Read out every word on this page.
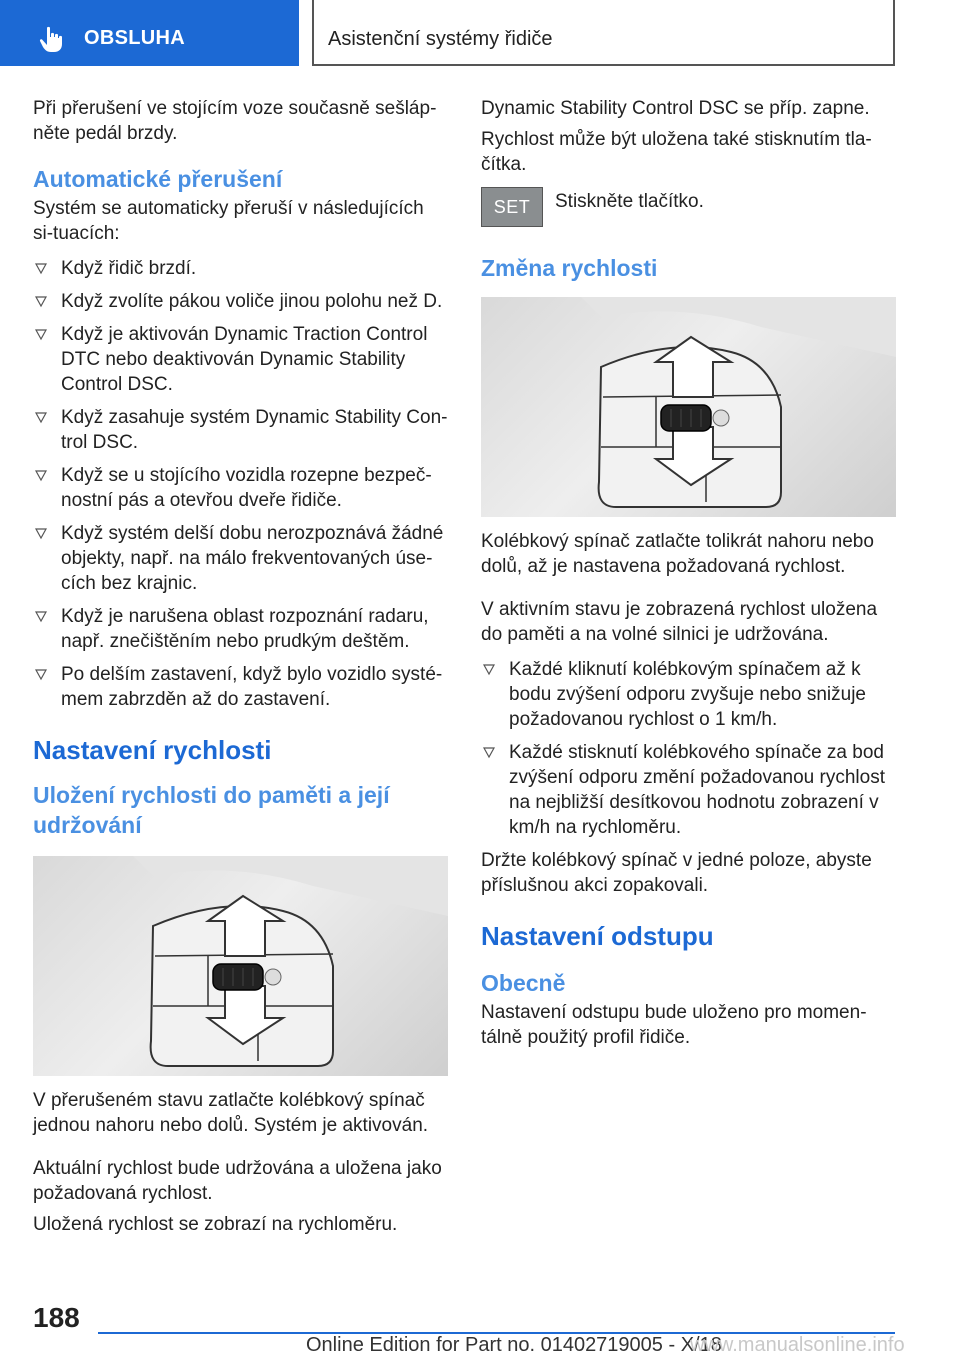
OBSLUHA	Asistenční systémy řidiče

Při přerušení ve stojícím voze současně sešláp-něte pedál brzdy.

Automatické přerušení

Systém se automaticky přeruší v následujících si-tuacích:

Když řidič brzdí.
Když zvolíte pákou voliče jinou polohu než D.
Když je aktivován Dynamic Traction Control DTC nebo deaktivován Dynamic Stability Control DSC.
Když zasahuje systém Dynamic Stability Con-trol DSC.
Když se u stojícího vozidla rozepne bezpeč-nostní pás a otevřou dveře řidiče.
Když systém delší dobu nerozpoznává žádné objekty, např. na málo frekventovaných úse-cích bez krajnic.
Když je narušena oblast rozpoznání radaru, např. znečištěním nebo prudkým deštěm.
Po delším zastavení, když bylo vozidlo systé-mem zabrzděn až do zastavení.
Nastavení rychlosti
Uložení rychlosti do paměti a její udržování

V přerušeném stavu zatlačte kolébkový spínač jednou nahoru nebo dolů. Systém je aktivován.

Aktuální rychlost bude udržována a uložena jako požadovaná rychlost.

Uložená rychlost se zobrazí na rychloměru.

Dynamic Stability Control DSC se příp. zapne.

Rychlost může být uložena také stisknutím tla-čítka.

SET	Stiskněte tlačítko.
Změna rychlosti

Kolébkový spínač zatlačte tolikrát nahoru nebo dolů, až je nastavena požadovaná rychlost.

V aktivním stavu je zobrazená rychlost uložena do paměti a na volné silnici je udržována.

Každé kliknutí kolébkovým spínačem až k bodu zvýšení odporu zvyšuje nebo snižuje požadovanou rychlost o 1 km/h.
Každé stisknutí kolébkového spínače za bod zvýšení odporu změní požadovanou rychlost na nejbližší desítkovou hodnotu zobrazení v km/h na rychloměru.

Držte kolébkový spínač v jedné poloze, abyste příslušnou akci zopakovali.

Nastavení odstupu
Obecně

Nastavení odstupu bude uloženo pro momen-tálně použitý profil řidiče.

188
Online Edition for Part no. 01402719005 - X/18
www.manualsonline.info
